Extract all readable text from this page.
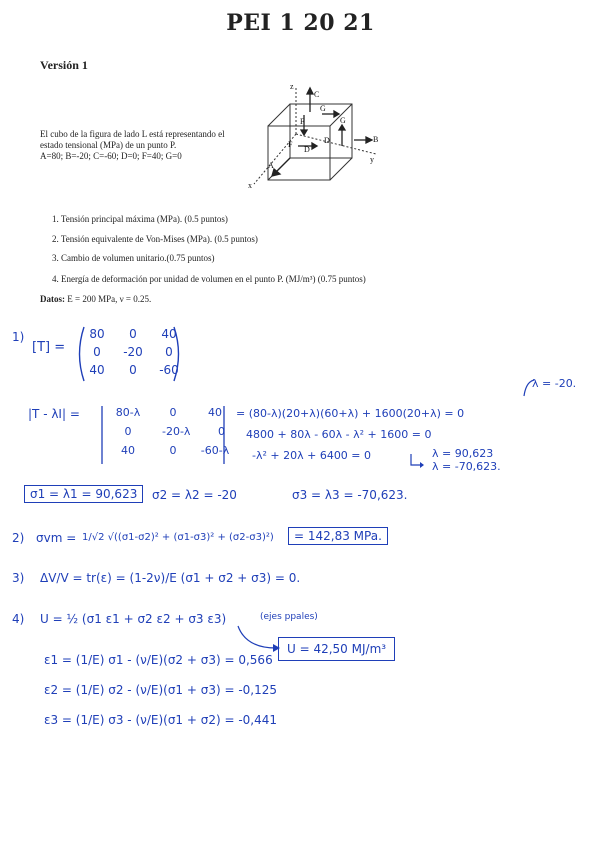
PEI 1 20 21
Versión 1
El cubo de la figura de lado L está representando el
estado tensional (MPa) de un punto P.
A=80; B=-20; C=-60; D=0; F=40; G=0
z
y
x
C
B
A
F
F
G
G
D
D
1. Tensión principal máxima (MPa). (0.5 puntos)
2. Tensión equivalente de Von-Mises (MPa). (0.5 puntos)
3. Cambio de volumen unitario.(0.75 puntos)
4. Energía de deformación por unidad de volumen en el punto P. (MJ/m³) (0.75 puntos)
Datos: E = 200 MPa, ν = 0.25.
1)
[T] =
80	0	40
0	-20	0
40	0	-60
λ = -20.
|T - λI| =	80-λ	0	40
0	-20-λ	0
40	0	-60-λ
= (80-λ)(20+λ)(60+λ) + 1600(20+λ) = 0
4800 + 80λ - 60λ - λ² + 1600 = 0
-λ² + 20λ + 6400 = 0	λ = 90,623
λ = -70,623.
σ1 = λ1 = 90,623	σ2 = λ2 = -20	σ3 = λ3 = -70,623.
2) σvm = 1/√2 √((σ1-σ2)² + (σ1-σ3)² + (σ2-σ3)²)	= 142,83 MPa.
3) ΔV/V = tr(ε) = (1-2ν)/E (σ1 + σ2 + σ3) = 0.
4) U = ½ (σ1 ε1 + σ2 ε2 + σ3 ε3)	(ejes ppales)
U = 42,50 MJ/m³
ε1 = (1/E) σ1 - (ν/E)(σ2 + σ3) = 0,566
ε2 = (1/E) σ2 - (ν/E)(σ1 + σ3) = -0,125
ε3 = (1/E) σ3 - (ν/E)(σ1 + σ2) = -0,441
